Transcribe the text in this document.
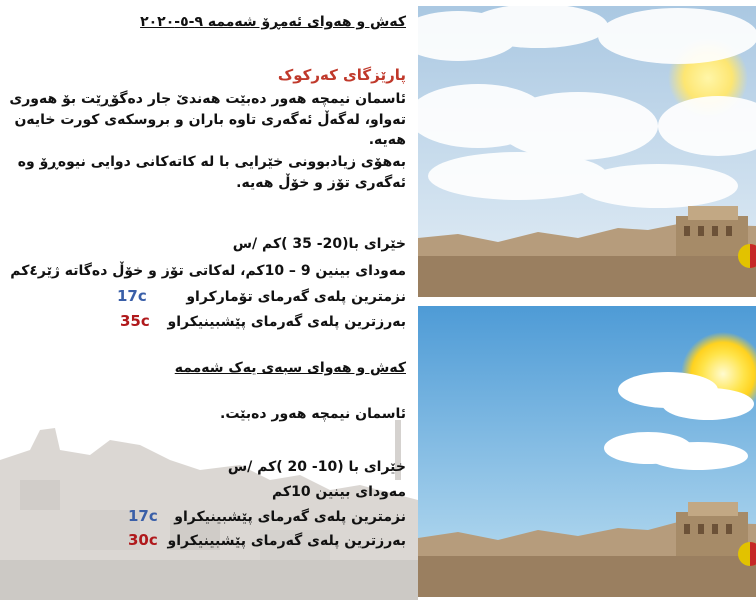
کەش و هەوای ئەمڕۆ شەممە ٩-٥-٢٠٢٠
پارێزگای کەرکوک
ئاسمان نیمچە هەور دەبێت هەندێ جار دەگۆڕێت بۆ هەوری
تەواو، لەگەڵ ئەگەری تاوە باران و بروسکەی کورت خایەن
هەیە.
بەهۆی زیادبوونی خێرایی با لە کاتەکانی دوایی نیوەڕۆ وە
ئەگەری تۆز و خۆڵ هەیە.
خێرای با(20- 35 )کم /س
مەودای بینین 9 – 10کم، لەکاتی تۆز و خۆڵ دەگاتە ژێر٤کم
نزمترین پلەی گەرمای تۆمارکراو
بەرزترین پلەی گەرمای پێشبینیکراو
کەش و هەوای سبەی یەک شەممە
ئاسمان نیمچە هەور دەبێت.
خێرای با (10- 20 )کم /س
مەودای بینین 10کم
نزمترین پلەی گەرمای پێشبینیکراو
بەرزترین پلەی گەرمای پێشبینیکراو
17c
35c
17c
30c
